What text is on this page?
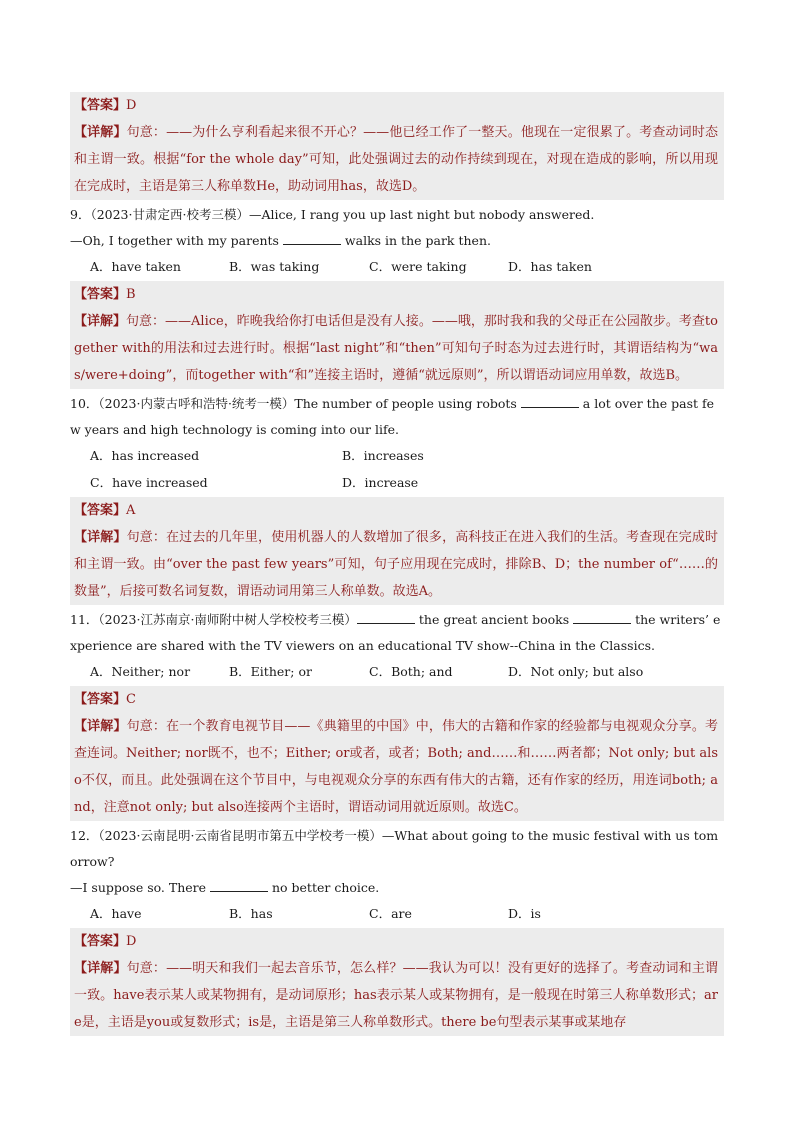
【答案】D
【详解】句意：——为什么亨利看起来很不开心？——他已经工作了一整天。他现在一定很累了。考查动词时态和主谓一致。根据“for the whole day”可知，此处强调过去的动作持续到现在，对现在造成的影响，所以用现在完成时，主语是第三人称单数He，助动词用has，故选D。

9．（2023·甘肃定西·校考三模）—Alice, I rang you up last night but nobody answered.

—Oh, I together with my parents	walks in the park then.

A．have taken	B．was taking	C．were taking	D．has taken
【答案】B
【详解】句意：——Alice，昨晚我给你打电话但是没有人接。——哦，那时我和我的父母正在公园散步。考查together with的用法和过去进行时。根据“last night”和“then”可知句子时态为过去进行时，其谓语结构为“was/were+doing”，而together with“和”连接主语时，遵循“就远原则”，所以谓语动词应用单数，故选B。

10．（2023·内蒙古呼和浩特·统考一模）The number of people using robots	a lot over the past few years and high technology is coming into our life.

A．has increased	B．increases
C．have increased	D．increase
【答案】A
【详解】句意：在过去的几年里，使用机器人的人数增加了很多，高科技正在进入我们的生活。考查现在完成时和主谓一致。由“over the past few years”可知，句子应用现在完成时，排除B、D；the number of“……的数量”，后接可数名词复数，谓语动词用第三人称单数。故选A。

11．（2023·江苏南京·南师附中树人学校校考三模）	the great ancient books	the writers’ experience are shared with the TV viewers on an educational TV show--China in the Classics.

A．Neither; nor	B．Either; or	C．Both; and	D．Not only; but also
【答案】C
【详解】句意：在一个教育电视节目——《典籍里的中国》中，伟大的古籍和作家的经验都与电视观众分享。考查连词。Neither; nor既不，也不；Either; or或者，或者；Both; and……和……两者都；Not only; but also不仅，而且。此处强调在这个节目中，与电视观众分享的东西有伟大的古籍，还有作家的经历，用连词both; and，注意not only; but also连接两个主语时，谓语动词用就近原则。故选C。

12．（2023·云南昆明·云南省昆明市第五中学校考一模）—What about going to the music festival with us tomorrow?

—I suppose so. There	no better choice.

A．have	B．has	C．are	D．is
【答案】D
【详解】句意：——明天和我们一起去音乐节，怎么样？——我认为可以！没有更好的选择了。考查动词和主谓一致。have表示某人或某物拥有，是动词原形；has表示某人或某物拥有，是一般现在时第三人称单数形式；are是，主语是you或复数形式；is是，主语是第三人称单数形式。there be句型表示某事或某地存
